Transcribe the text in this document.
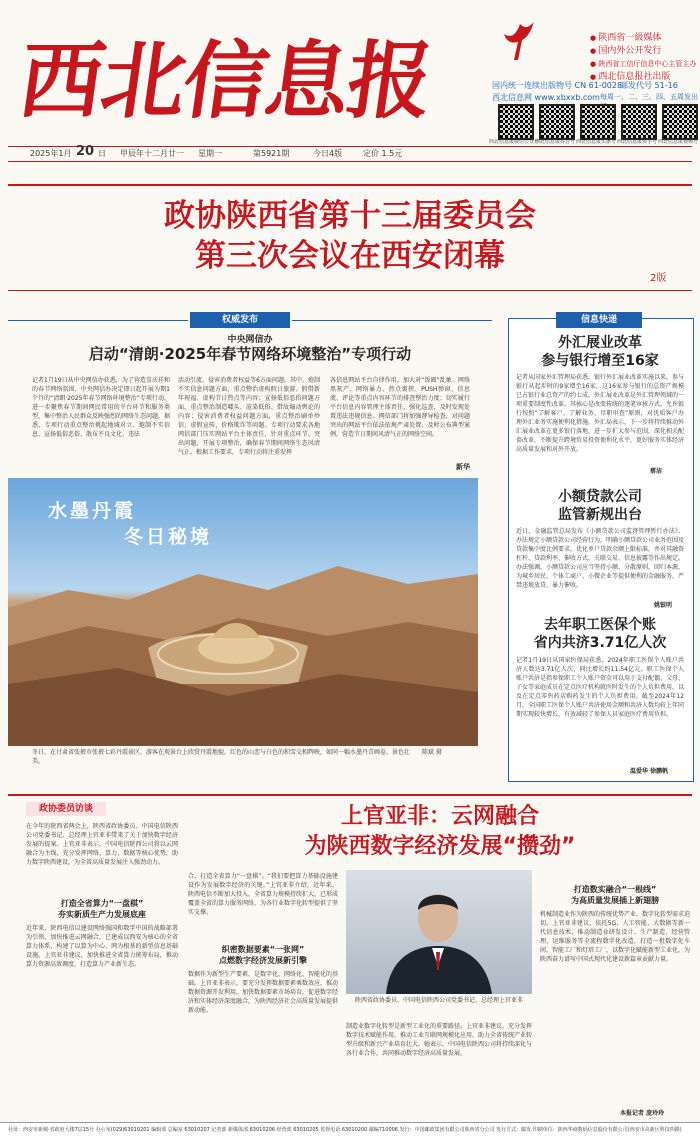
西北信息报
●	陕西省一級媒体
● 国内外公开发行
● 陕西省工信厅信息中心主管主办
● 西北信息报社出版
国内统一连续出版物号 CN 61-0028
邮发代号 51-16
西北信息网 www.xbxxb.com 每周一、二、三、四、五周发出
西北信息报微信公众号
西北信息报抖音号 西北信息报头条号 西北信息报快手号 西北信息报视频号
2025年1月 20 日 甲辰年十二月廿一 星期一	第5921期	今日4版	定价 1.5元
政协陕西省第十三届委员会
第三次会议在西安闭幕
2版
权威发布
中央网信办
启动“清朗·2025年春节网络环境整治”专项行动
记者1月19日从中央网信办获悉，为了营造喜庆祥和的春节网络氛围，中央网信办决定即日起开展为期1个月的“清朗·2025年春节网络环境整治”专项行动，进一步聚焦春节期间网民常用的平台环节和服务类型，集中整治人民群众反映强烈的网络生态问题。据悉，专项行动重点整治挑起地域对立、炮制不实信息、宣扬低俗恶俗、散布不良文化、违法
活动引流、侵害消费者权益等6方面问题。其中，炮制不实信息问题方面，重点整治虚构假日旅游、假借新年祝福、虚构节日热点等内容；宣扬低俗恶俗问题方面，重点整治制造噱头、渲染低俗、借故煽动舆论的内容；侵害消费者权益问题方面，重点整治刷单炒信、虚假宣传、价格欺诈等问题。专项行动要求各地网信部门压实网站平台主体责任，针对重点环节、突出问题，开展专项整治，确保春节期间网络生态风清气正。根据工作要求，专项行动将注重发挥
各信息网站平台自律作用，加大对“饭圈”乱象、网络黑灰产、网络暴力、热点裹挟、PUSH弹窗、信息流、评论等重点内容环节的排查整治力度；切实履行平台信息内容管理主体责任，强化巡查，及时发现处置违法违规信息。网信部门将加强督导检查，对问题突出的网站平台依法依规严肃处置，及时公布典型案例，营造节日期间风清气正的网络空间。
新华
水墨丹霞
冬日秘境
冬日，在甘肃省张掖市张掖七彩丹霞景区，游客在观景台上欣赏丹霞地貌，红色的山峦与白色的积雪交相辉映，如同一幅水墨丹青画卷，景色壮美。
陈斌 摄
信息快递
外汇展业改革
参与银行增至16家
记者从国家外汇管理局获悉，银行外汇展业改革实施以来，参与银行从起步时的9家增至16家，这16家参与银行的总资产规模已占银行业总资产的约七成。外汇展业改革是外汇管理领域的一项重要制度性改革，其核心是改变传统的逐笔审核方式，允许银行按照“了解客户、了解业务、尽职审查”原则，对优质客户办理外汇业务实施便利化措施。外汇局表示，下一步将持续推动外汇展业改革在更多银行落地，进一步扩大参与范围，深化相关配套改革，不断提升跨境贸易投资便利化水平，更好服务实体经济高质量发展和对外开放。
蔡洁
小额贷款公司
监管新规出台
近日，金融监管总局发布《小额贷款公司监督管理暂行办法》。办法规定小额贷款公司经营行为，明确小额贷款公司业务范围及贷款集中度比例要求，优化单户贷款余额上限标准，并对其融资杠杆、贷款利率、催收方式、关联交易、信息披露等作出规定。办法强调，小额贷款公司应当坚持小额、分散原则，回归本源，为城乡居民、个体工商户、小微企业等提供便利的金融服务，严禁违规放贷、暴力催收。
姚银明
去年职工医保个账
省内共济3.71亿人次
记者1月19日从国家医保局获悉，2024年职工医保个人账户共济人数达3.71亿人次，同比增长约11.54亿元。职工医保个人账户共济是指参保职工个人账户资金可以用于支付配偶、父母、子女等家庭成员在定点医疗机构就医时发生的个人负担费用，以及在定点零售药店购药发生的个人负担费用。截至2024年12月，全国职工医保个人账户共济使用金额和共济人数均较上年同期实现较快增长，有效减轻了参保人员家庭医疗费用负担。
温爱华 徐鹏帆
政协委员访谈	上官亚非：云网融合
为陕西数字经济发展“攒劲”
在今年的陕西省两会上，陕西省政协委员、中国电信陕西公司党委书记、总经理上官亚非带来了关于加快数字经济发展的提案。上官亚非表示，中国电信陕西公司将以云网融合为主线，充分发挥网络、算力、数据等核心优势，助力数字陕西建设，为全省高质量发展注入强劲动力。
打造全省算力“一盘棋”
夯实新质生产力发展底座
近年来，陕西电信以建设网络强国和数字中国的战略部署为引领，加快推进云网融合，已建成以西安为核心的全省算力体系，构建了以算为中心、网为根基的新型信息基础设施。上官亚非建议，加快推进全省算力统筹布局，推动算力资源高效调度，打造算力产业新生态。
合，打造全省算力“一盘棋”。“我们要把算力基础设施建设作为发展数字经济的关键。”上官亚非介绍，近年来，陕西电信不断加大投入，全省算力规模持续扩大，已形成覆盖全省的算力服务网络，为各行业数字化转型提供了坚实支撑。
织密数据要素“一张网”
点燃数字经济发展新引擎
数据作为新型生产要素，是数字化、网络化、智能化的基础。上官亚非表示，要充分发挥数据要素乘数效应，推动数据资源开发利用，加快数据要素市场培育，促进数字经济和实体经济深度融合，为陕西经济社会高质量发展提供新动能。
陕西省政协委员、中国电信陕西公司党委书记、总经理上官亚非
制造业数字化转型是新型工业化的重要路径。上官亚非建议，充分发挥数字技术赋能作用，推动工业互联网规模化应用，助力全省传统产业转型升级和新兴产业培育壮大。她表示，中国电信陕西公司将持续深化与各行业合作，共同推动数字经济高质量发展。
打造数实融合“一根线”
为高质量发展插上新翅膀
机械制造业作为陕西的传统优势产业，数字化转型需求迫切。上官亚非建议，依托5G、人工智能、大数据等新一代信息技术，推动制造业研发设计、生产制造、经营管理、运维服务等全流程数字化改造，打造一批数字化车间、智能工厂和灯塔工厂，以数字化赋能新型工业化，为陕西奋力谱写中国式现代化建设新篇章贡献力量。
本报记者 庞玲玲
社址：西安市新城·省政府大楼7层15号 办公室(029)63010201 编辑部 总编室 63010207 记者部 新媒体部 63010206 经营部 63010205 监督电话 63010200 邮编710006 发行：中国邮政集团有限公司陕西省分公司 发行方式：邮发 印刷单位：陕西华商数码信息股份有限公司(西安市高新区科技四路)
